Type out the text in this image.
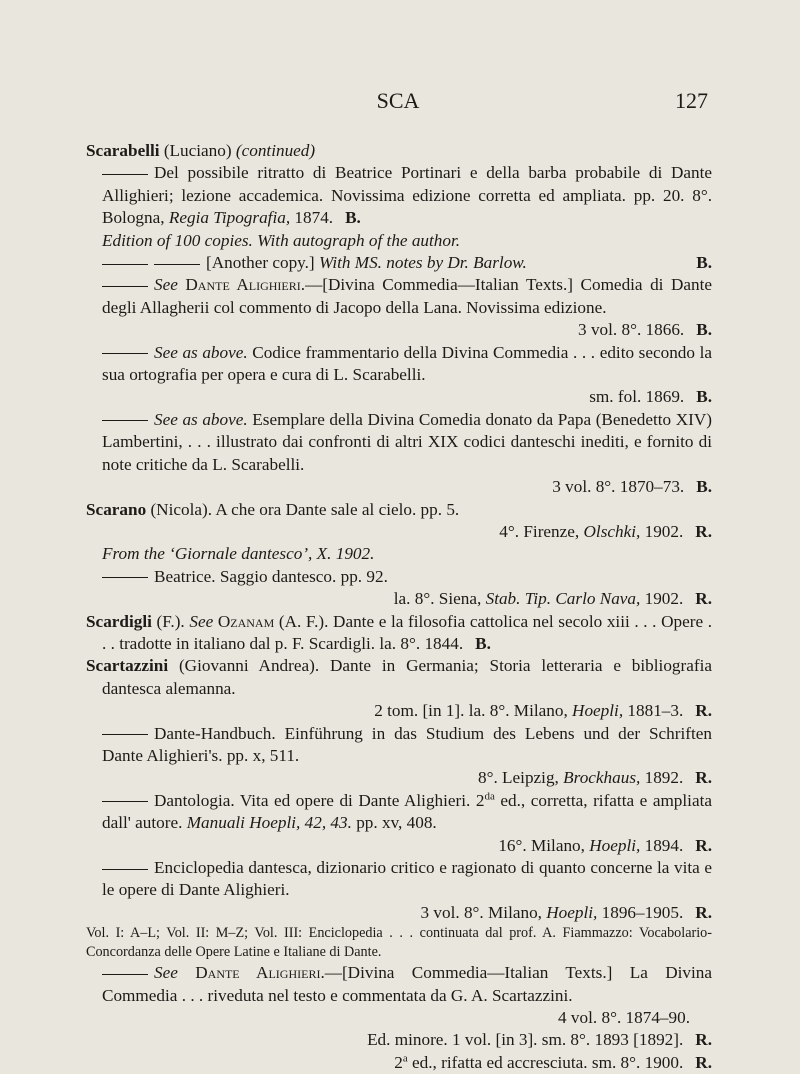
SCA	127

Scarabelli (Luciano) (continued)

Del possibile ritratto di Beatrice Portinari e della barba probabile di Dante Allighieri; lezione accademica. Novissima edizione corretta ed ampliata. pp. 20. 8°. Bologna, Regia Tipografia, 1874. B.

Edition of 100 copies. With autograph of the author.

[Another copy.] With MS. notes by Dr. Barlow.	B.

See Dante Alighieri.—[Divina Commedia—Italian Texts.] Comedia di Dante degli Allagherii col commento di Jacopo della Lana. Novissima edizione.

3 vol. 8°. 1866. B.

See as above. Codice frammentario della Divina Commedia . . . edito secondo la sua ortografia per opera e cura di L. Scarabelli.

sm. fol. 1869. B.

See as above. Esemplare della Divina Comedia donato da Papa (Benedetto XIV) Lambertini, . . . illustrato dai confronti di altri XIX codici danteschi inediti, e fornito di note critiche da L. Scarabelli.

3 vol. 8°. 1870–73. B.

Scarano (Nicola). A che ora Dante sale al cielo. pp. 5.

4°. Firenze, Olschki, 1902. R.

From the ‘Giornale dantesco’, X. 1902.

Beatrice. Saggio dantesco. pp. 92.

la. 8°. Siena, Stab. Tip. Carlo Nava, 1902. R.

Scardigli (F.). See Ozanam (A. F.). Dante e la filosofia cattolica nel secolo xiii . . . Opere . . . tradotte in italiano dal p. F. Scardigli. la. 8°. 1844. B.

Scartazzini (Giovanni Andrea). Dante in Germania; Storia letteraria e bibliografia dantesca alemanna.

2 tom. [in 1]. la. 8°. Milano, Hoepli, 1881–3. R.

Dante-Handbuch. Einführung in das Studium des Lebens und der Schriften Dante Alighieri's. pp. x, 511.

8°. Leipzig, Brockhaus, 1892. R.

Dantologia. Vita ed opere di Dante Alighieri. $2^{da}$ ed., corretta, rifatta e ampliata dall' autore. Manuali Hoepli, 42, 43. pp. xv, 408.

16°. Milano, Hoepli, 1894. R.

Enciclopedia dantesca, dizionario critico e ragionato di quanto concerne la vita e le opere di Dante Alighieri.

3 vol. 8°. Milano, Hoepli, 1896–1905. R.

Vol. I: A–L; Vol. II: M–Z; Vol. III: Enciclopedia . . . continuata dal prof. A. Fiammazzo: Vocabolario-Concordanza delle Opere Latine e Italiane di Dante.

See Dante Alighieri.—[Divina Commedia—Italian Texts.] La Divina Commedia . . . riveduta nel testo e commentata da G. A. Scartazzini.

4 vol. 8°. 1874–90.

Ed. minore. 1 vol. [in 3]. sm. 8°. 1893 [1892]. R.

2$^a$ ed., rifatta ed accresciuta. sm. 8°. 1900. R.
